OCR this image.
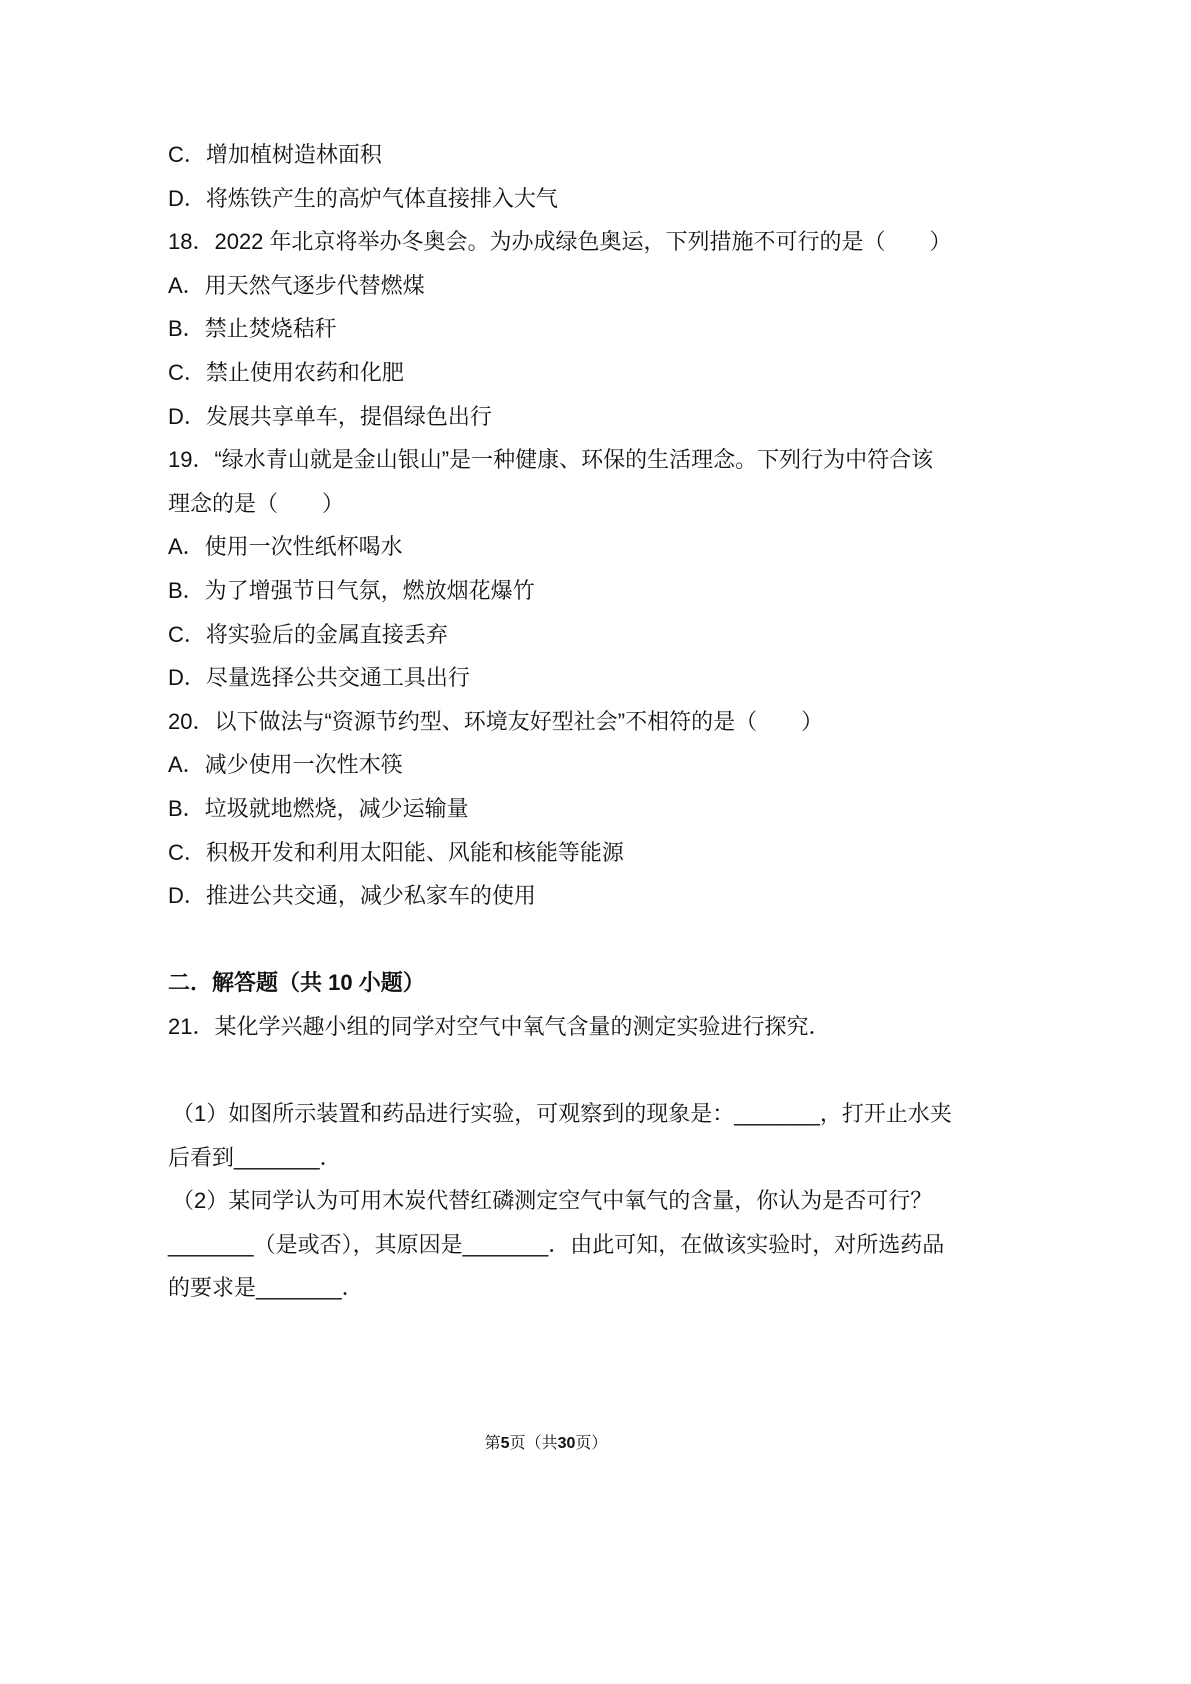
C．增加植树造林面积
D．将炼铁产生的高炉气体直接排入大气
18．2022 年北京将举办冬奥会。为办成绿色奥运，下列措施不可行的是（　　）
A．用天然气逐步代替燃煤
B．禁止焚烧秸秆
C．禁止使用农药和化肥
D．发展共享单车，提倡绿色出行
19．“绿水青山就是金山银山”是一种健康、环保的生活理念。下列行为中符合该
理念的是（　　）
A．使用一次性纸杯喝水
B．为了增强节日气氛，燃放烟花爆竹
C．将实验后的金属直接丢弃
D．尽量选择公共交通工具出行
20．以下做法与“资源节约型、环境友好型社会”不相符的是（　　）
A．减少使用一次性木筷
B．垃圾就地燃烧，减少运输量
C．积极开发和利用太阳能、风能和核能等能源
D．推进公共交通，减少私家车的使用
二．解答题（共 10 小题）
21．某化学兴趣小组的同学对空气中氧气含量的测定实验进行探究．
（1）如图所示装置和药品进行实验，可观察到的现象是：_______，打开止水夹
后看到_______．
（2）某同学认为可用木炭代替红磷测定空气中氧气的含量，你认为是否可行？
_______（是或否），其原因是_______．由此可知，在做该实验时，对所选药品
的要求是_______．
第5页（共30页）
